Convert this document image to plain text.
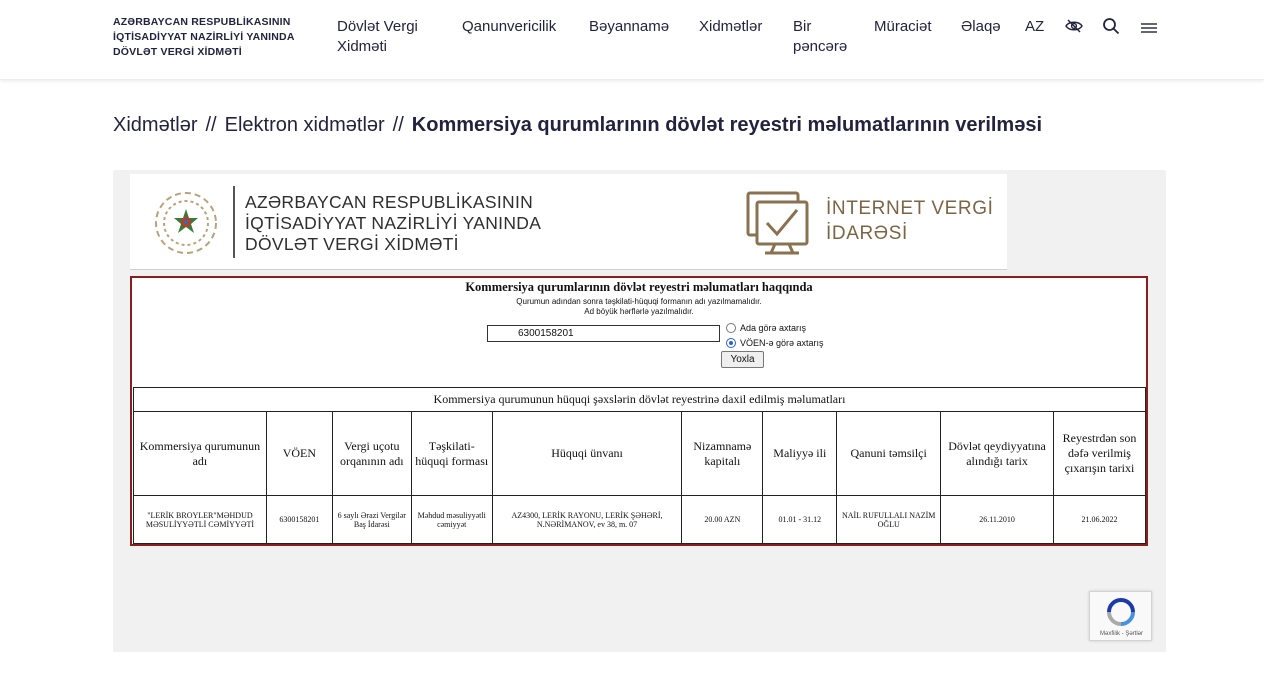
AZƏRBAYCAN RESPUBLİKASININ
İQTİSADİYYAT NAZİRLİYİ YANINDA
DÖVLƏT VERGİ XİDMƏTİ
Dövlət Vergi Xidməti
Qanunvericilik Bəyannamə Xidmətlər Bir pəncərə
Müraciət Əlaqə AZ
Xidmətlər // Elektron xidmətlər // Kommersiya qurumlarının dövlət reyestri məlumatlarının verilməsi
AZƏRBAYCAN RESPUBLİKASININ
İQTİSADİYYAT NAZİRLİYİ YANINDA
DÖVLƏT VERGİ XİDMƏTİ
İNTERNET VERGİ
İDARƏSİ
Kommersiya qurumlarının dövlət reyestri məlumatları haqqında
Qurumun adından sonra təşkilati-hüquqi formanın adı yazılmamalıdır.
Ad böyük hərflərlə yazılmalıdır.
6300158201	Ada görə axtarış
VÖEN-ə görə axtarış
Yoxla
Kommersiya qurumunun hüquqi şəxslərin dövlət reyestrinə daxil edilmiş məlumatları									
Kommersiya qurumunun adı	VÖEN	Vergi uçotu orqanının adı	Təşkilati-hüquqi forması	Hüquqi ünvanı	Nizamnamə kapitalı	Maliyyə ili	Qanuni təmsilçi	Dövlət qeydiyyatına alındığı tarix	Reyestrdən son dəfə verilmiş çıxarışın tarixi
"LERİK BROYLER"MƏHDUD MƏSULİYYƏTLİ CƏMİYYƏTİ	6300158201	6 saylı Ərazi Vergilər Baş İdarəsi	Məhdud məsuliyyətli cəmiyyət	AZ4300, LERİK RAYONU, LERİK ŞƏHƏRİ, N.NƏRİMANOV, ev 38, m. 07	20.00 AZN	01.01 - 31.12	NAİL RUFULLALI NAZİM OĞLU	26.11.2010	21.06.2022
Məxfilik - Şərtlər
